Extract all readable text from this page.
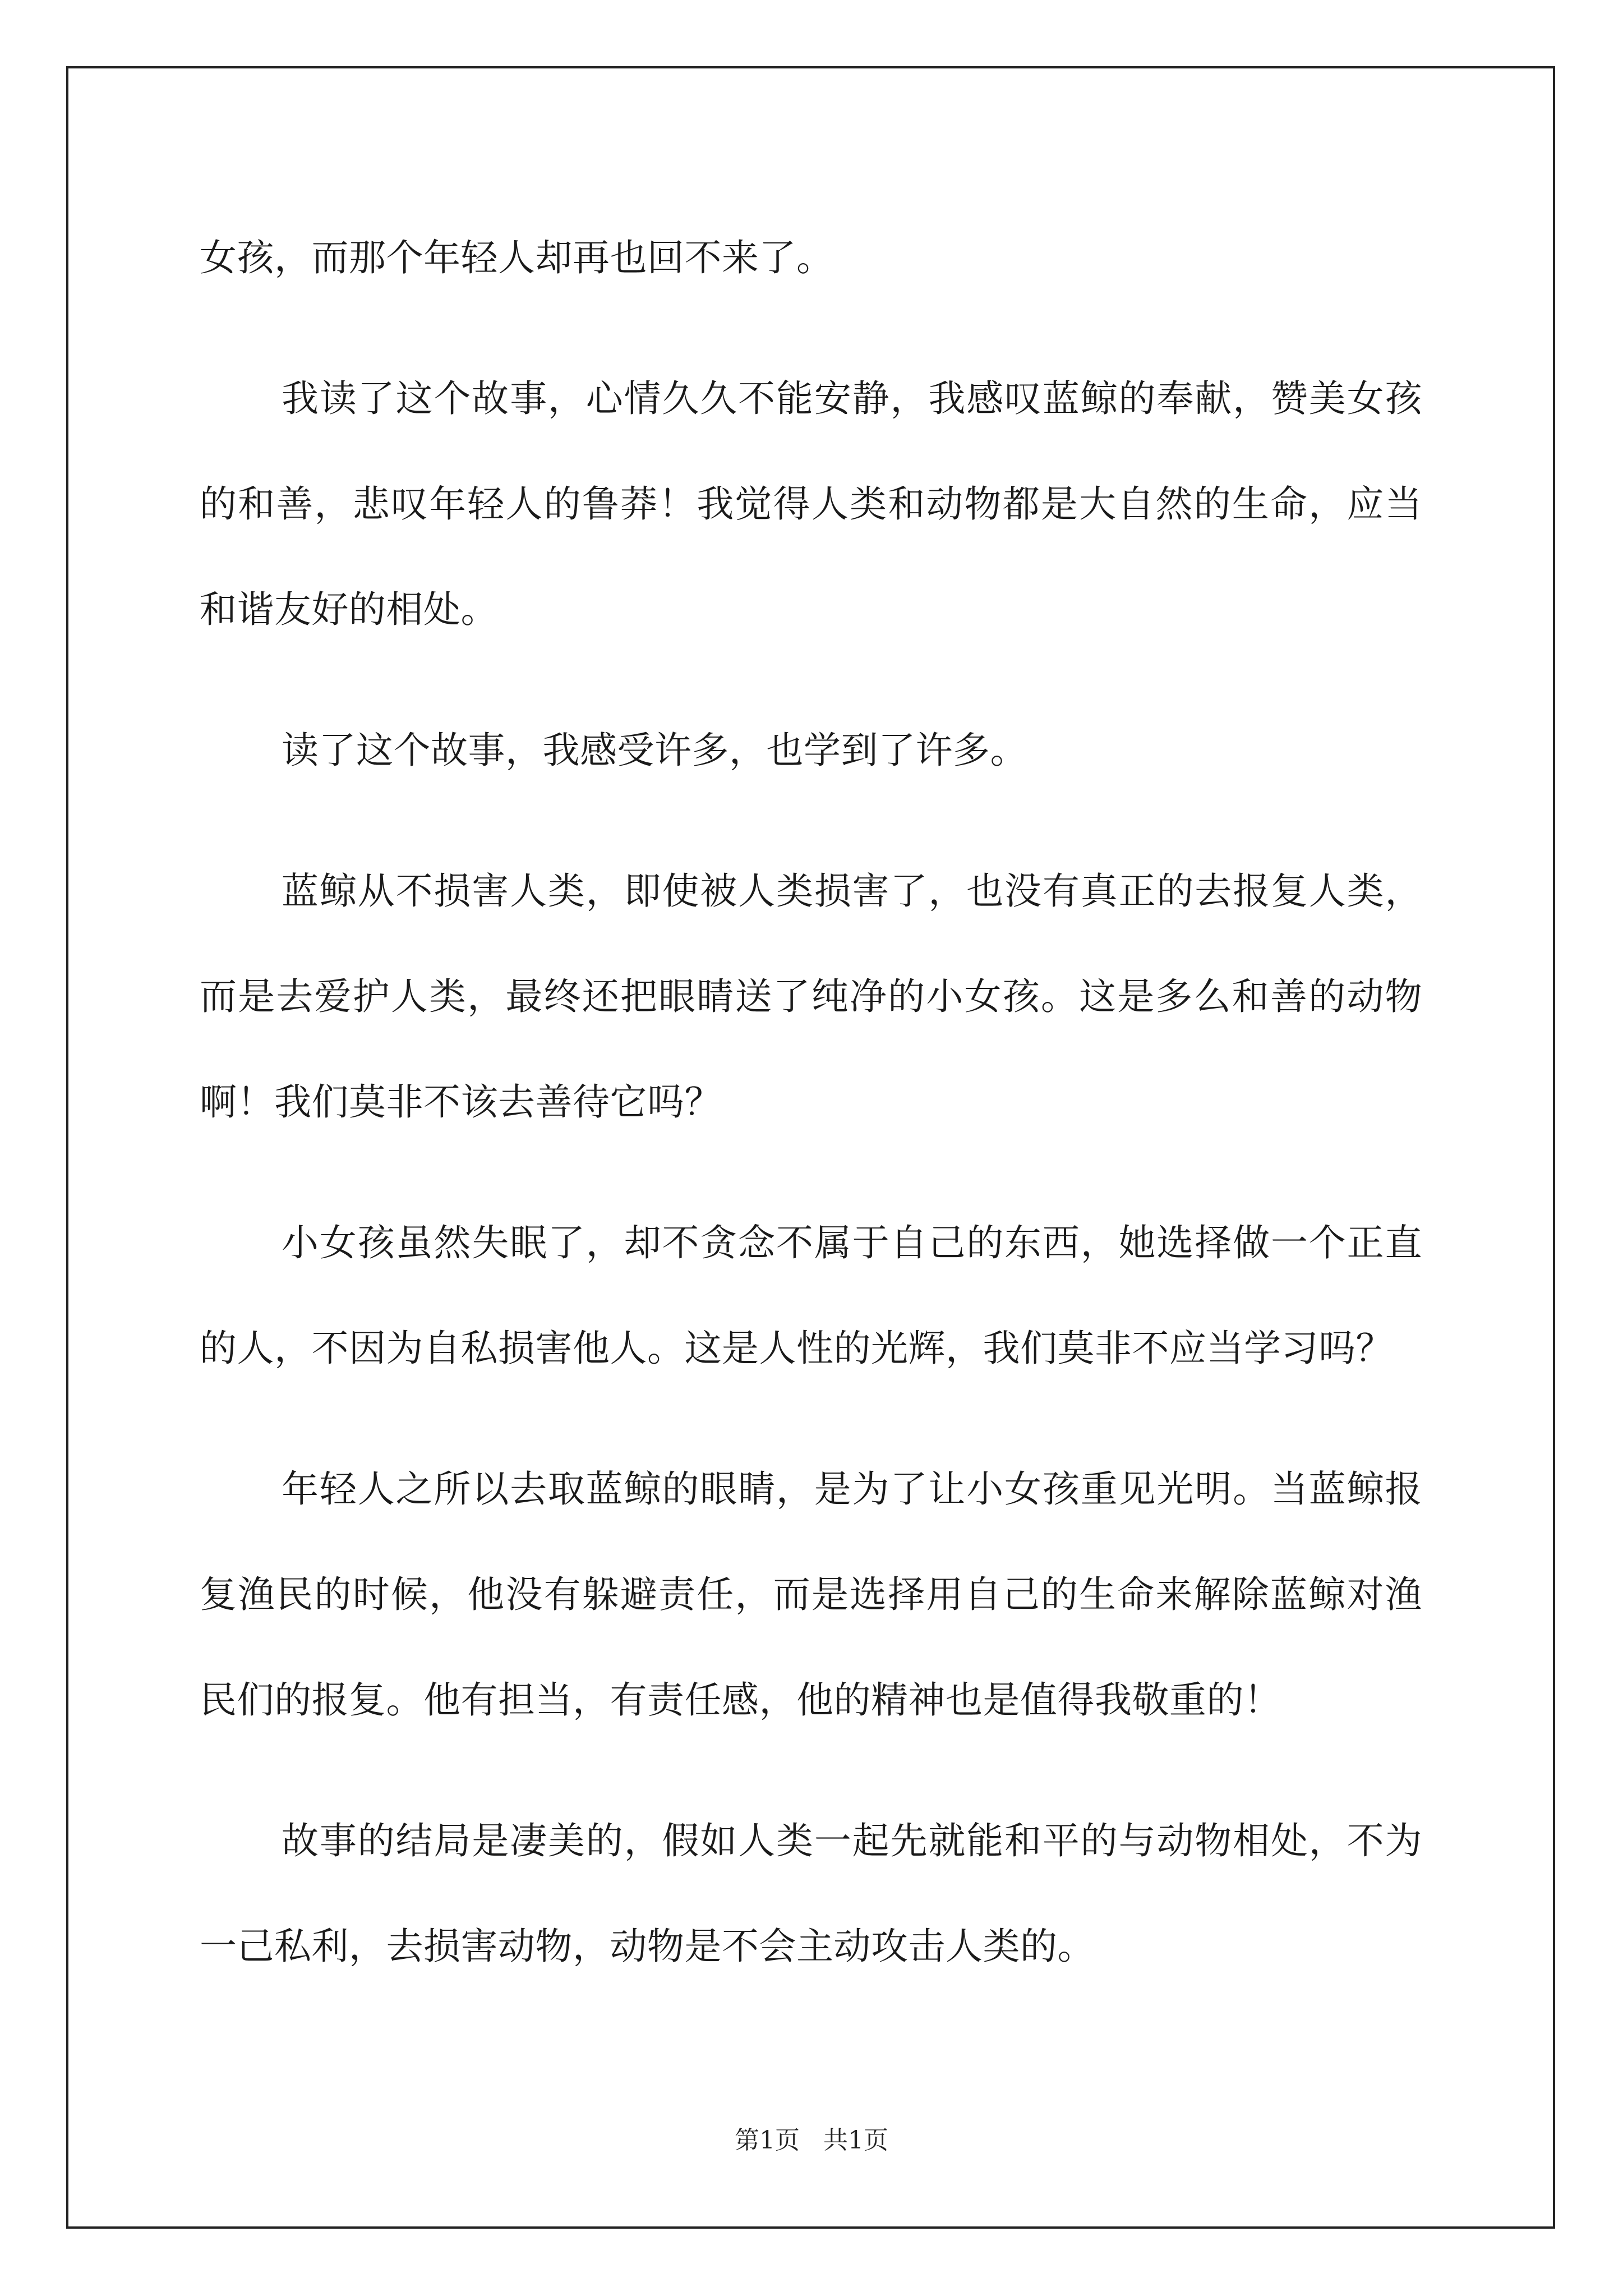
女孩，而那个年轻人却再也回不来了。

我读了这个故事，心情久久不能安静，我感叹蓝鲸的奉献，赞美女孩的和善，悲叹年轻人的鲁莽！我觉得人类和动物都是大自然的生命，应当和谐友好的相处。

读了这个故事，我感受许多，也学到了许多。

蓝鲸从不损害人类，即使被人类损害了，也没有真正的去报复人类，而是去爱护人类，最终还把眼睛送了纯净的小女孩。这是多么和善的动物啊！我们莫非不该去善待它吗？

小女孩虽然失眠了，却不贪念不属于自己的东西，她选择做一个正直的人，不因为自私损害他人。这是人性的光辉，我们莫非不应当学习吗？

年轻人之所以去取蓝鲸的眼睛，是为了让小女孩重见光明。当蓝鲸报复渔民的时候，他没有躲避责任，而是选择用自己的生命来解除蓝鲸对渔民们的报复。他有担当，有责任感，他的精神也是值得我敬重的！

故事的结局是凄美的，假如人类一起先就能和平的与动物相处，不为一己私利，去损害动物，动物是不会主动攻击人类的。

第1页 共1页
